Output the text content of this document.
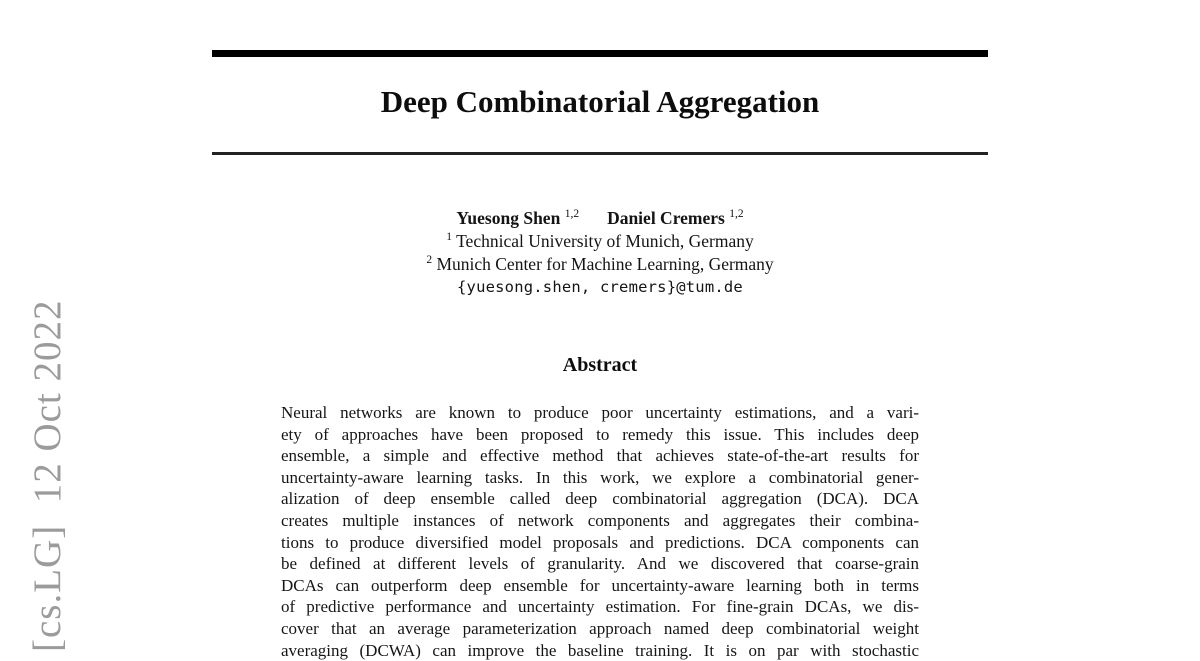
[cs.LG]  12 Oct 2022
Deep Combinatorial Aggregation
Yuesong Shen $^{1,2}$ Daniel Cremers $^{1,2}$
$^1$ Technical University of Munich, Germany
$^2$ Munich Center for Machine Learning, Germany
{yuesong.shen, cremers}@tum.de
Abstract
Neural networks are known to produce poor uncertainty estimations, and a vari-
ety of approaches have been proposed to remedy this issue. This includes deep
ensemble, a simple and effective method that achieves state-of-the-art results for
uncertainty-aware learning tasks. In this work, we explore a combinatorial gener-
alization of deep ensemble called deep combinatorial aggregation (DCA). DCA
creates multiple instances of network components and aggregates their combina-
tions to produce diversified model proposals and predictions. DCA components can
be defined at different levels of granularity. And we discovered that coarse-grain
DCAs can outperform deep ensemble for uncertainty-aware learning both in terms
of predictive performance and uncertainty estimation. For fine-grain DCAs, we dis-
cover that an average parameterization approach named deep combinatorial weight
averaging (DCWA) can improve the baseline training. It is on par with stochastic
